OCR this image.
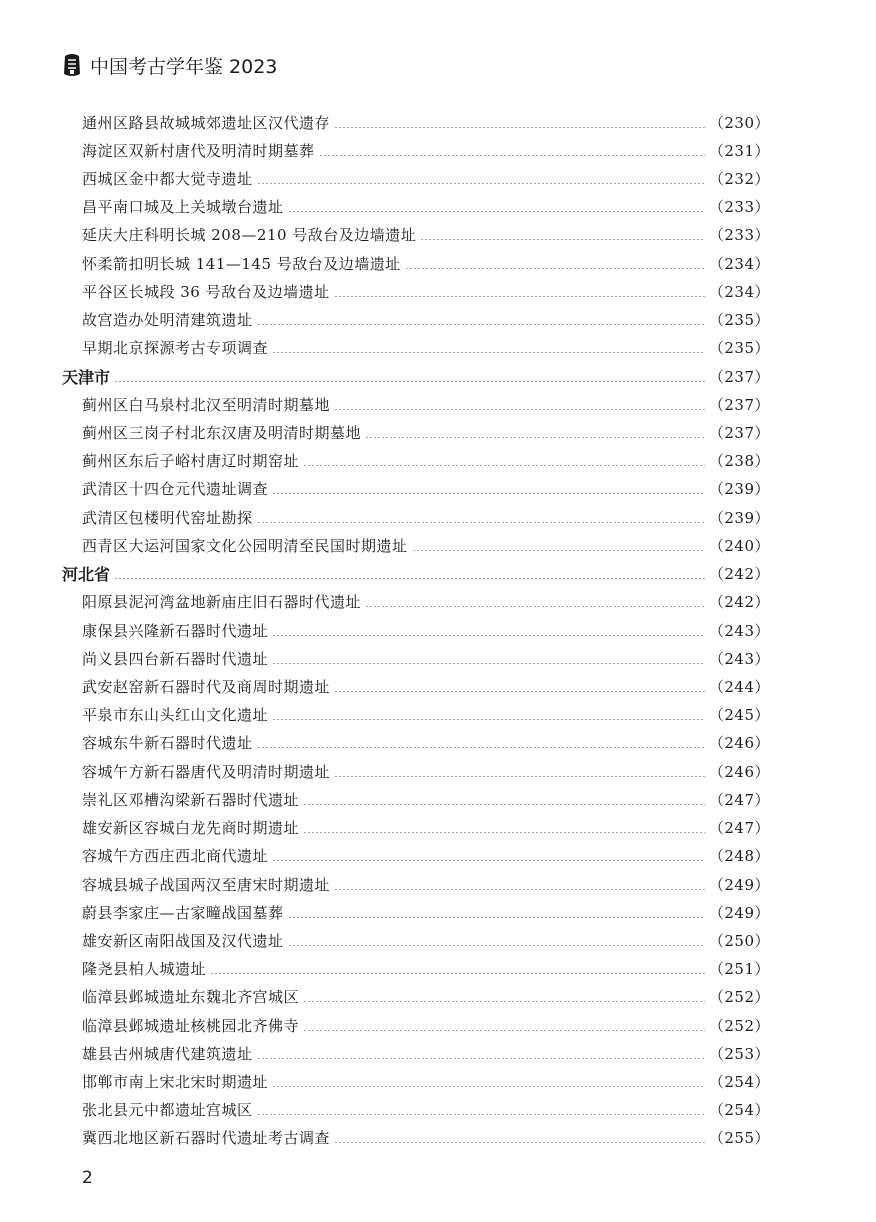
中国考古学年鉴 2023
通州区路县故城城郊遗址区汉代遗存	（230）
海淀区双新村唐代及明清时期墓葬	（231）
西城区金中都大觉寺遗址	（232）
昌平南口城及上关城墩台遗址	（233）
延庆大庄科明长城 208—210 号敌台及边墙遗址	（233）
怀柔箭扣明长城 141—145 号敌台及边墙遗址	（234）
平谷区长城段 36 号敌台及边墙遗址	（234）
故宫造办处明清建筑遗址	（235）
早期北京探源考古专项调查	（235）
天津市	（237）
蓟州区白马泉村北汉至明清时期墓地	（237）
蓟州区三岗子村北东汉唐及明清时期墓地	（237）
蓟州区东后子峪村唐辽时期窑址	（238）
武清区十四仓元代遗址调查	（239）
武清区包楼明代窑址勘探	（239）
西青区大运河国家文化公园明清至民国时期遗址	（240）
河北省	（242）
阳原县泥河湾盆地新庙庄旧石器时代遗址	（242）
康保县兴隆新石器时代遗址	（243）
尚义县四台新石器时代遗址	（243）
武安赵窑新石器时代及商周时期遗址	（244）
平泉市东山头红山文化遗址	（245）
容城东牛新石器时代遗址	（246）
容城午方新石器唐代及明清时期遗址	（246）
崇礼区邓槽沟梁新石器时代遗址	（247）
雄安新区容城白龙先商时期遗址	（247）
容城午方西庄西北商代遗址	（248）
容城县城子战国两汉至唐宋时期遗址	（249）
蔚县李家庄—古家疃战国墓葬	（249）
雄安新区南阳战国及汉代遗址	（250）
隆尧县柏人城遗址	（251）
临漳县邺城遗址东魏北齐宫城区	（252）
临漳县邺城遗址核桃园北齐佛寺	（252）
雄县古州城唐代建筑遗址	（253）
邯郸市南上宋北宋时期遗址	（254）
张北县元中都遗址宫城区	（254）
冀西北地区新石器时代遗址考古调查	（255）
2
